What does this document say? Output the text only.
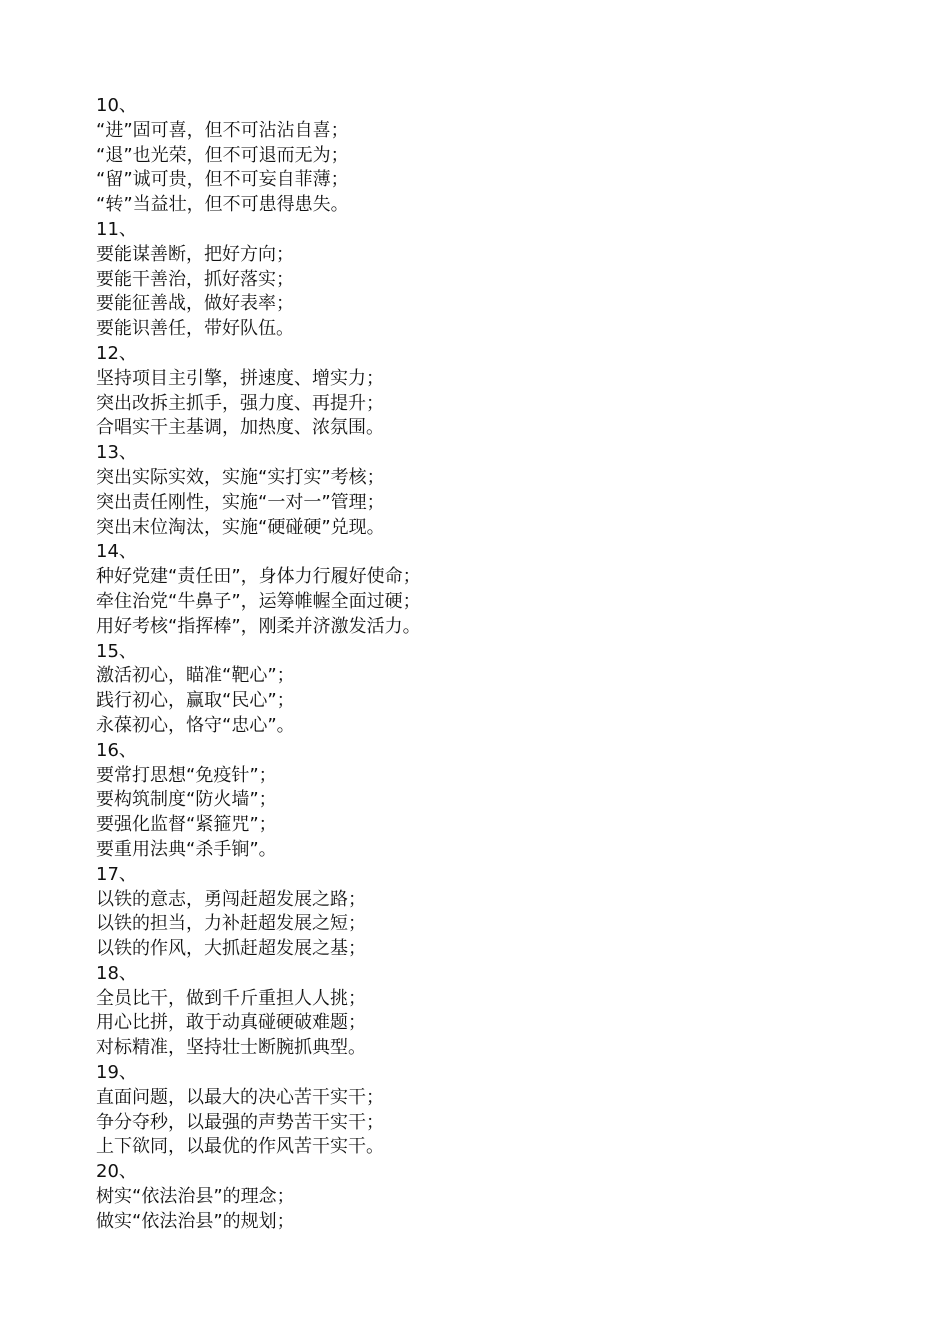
10、
“进”固可喜，但不可沾沾自喜；
“退”也光荣，但不可退而无为；
“留”诚可贵，但不可妄自菲薄；
“转”当益壮，但不可患得患失。
11、
要能谋善断，把好方向；
要能干善治，抓好落实；
要能征善战，做好表率；
要能识善任，带好队伍。
12、
坚持项目主引擎，拼速度、增实力；
突出改拆主抓手，强力度、再提升；
合唱实干主基调，加热度、浓氛围。
13、
突出实际实效，实施“实打实”考核；
突出责任刚性，实施“一对一”管理；
突出末位淘汰，实施“硬碰硬”兑现。
14、
种好党建“责任田”，身体力行履好使命；
牵住治党“牛鼻子”，运筹帷幄全面过硬；
用好考核“指挥棒”，刚柔并济激发活力。
15、
激活初心，瞄准“靶心”；
践行初心，赢取“民心”；
永葆初心，恪守“忠心”。
16、
要常打思想“免疫针”；
要构筑制度“防火墙”；
要强化监督“紧箍咒”；
要重用法典“杀手锏”。
17、
以铁的意志，勇闯赶超发展之路；
以铁的担当，力补赶超发展之短；
以铁的作风，大抓赶超发展之基；
18、
全员比干，做到千斤重担人人挑；
用心比拼，敢于动真碰硬破难题；
对标精准，坚持壮士断腕抓典型。
19、
直面问题，以最大的决心苦干实干；
争分夺秒，以最强的声势苦干实干；
上下欲同，以最优的作风苦干实干。
20、
树实“依法治县”的理念；
做实“依法治县”的规划；
